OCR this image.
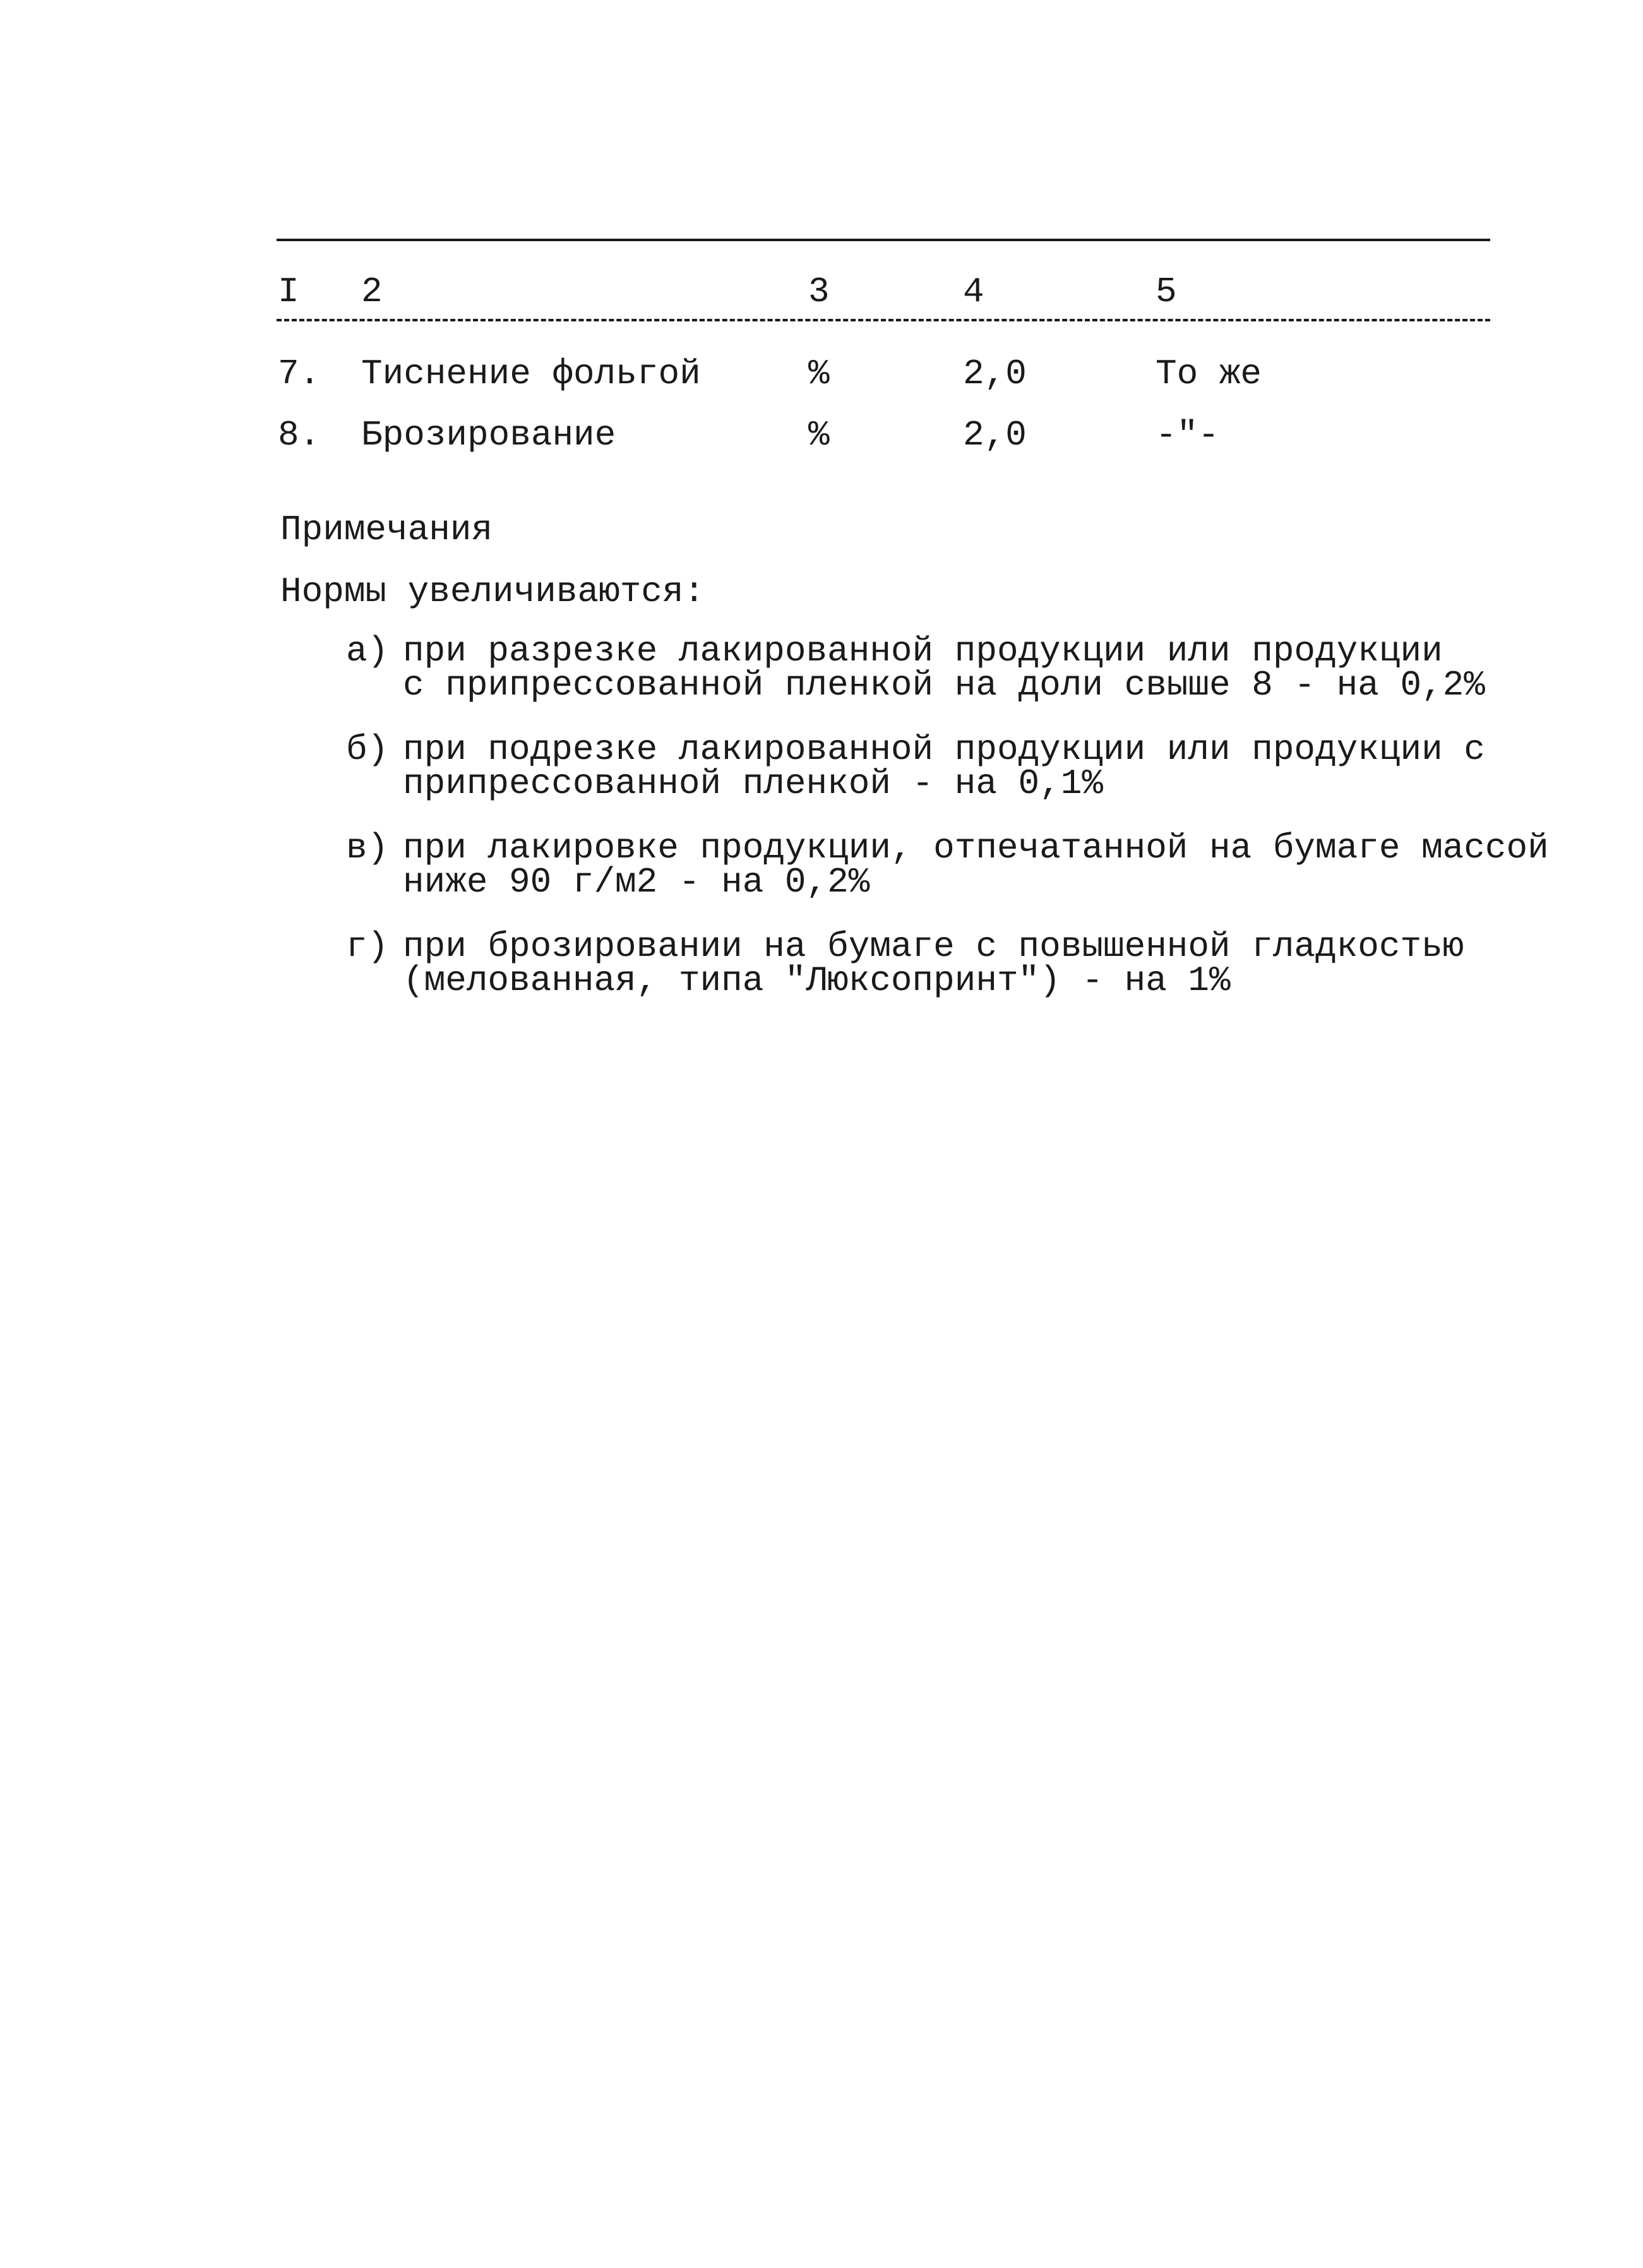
I 2	3	4	5
7. Тиснение фольгой	%	2,0	То же
8. Брозирование	%	2,0	-"-
Примечания
Нормы увеличиваются:
а) при разрезке лакированной продукции или продукции
с припрессованной пленкой на доли свыше 8 - на 0,2%
б) при подрезке лакированной продукции или продукции с
припрессованной пленкой - на 0,1%
в) при лакировке продукции, отпечатанной на бумаге массой
ниже 90 г/м2 - на 0,2%
г) при брозировании на бумаге с повышенной гладкостью
(мелованная, типа "Люксопринт") - на 1%
